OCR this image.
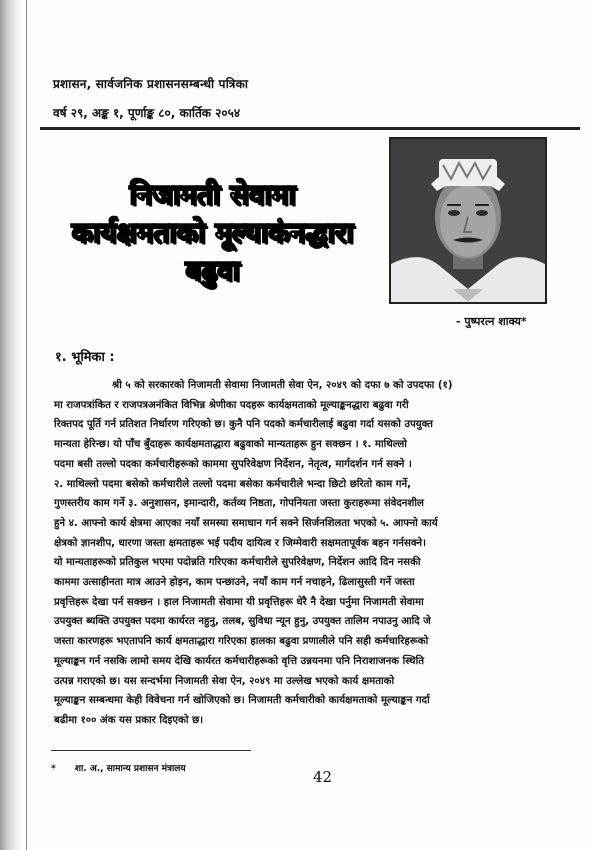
प्रशासन, सार्वजनिक प्रशासनसम्बन्धी पत्रिका
वर्ष २९, अङ्क १, पूर्णाङ्क ८०, कार्तिक २०५४
निजामती सेवामा
कार्यक्षमताको मूल्याकंनद्धारा
बढुवा
- पुष्परत्न शाक्य*
१. भूमिका :
श्री ५ को सरकारको निजामती सेवामा निजामती सेवा ऐन, २०४९ को दफा ७ को उपदफा (१)
मा राजपत्रांकित र राजपत्रअनंकित विभिन्न श्रेणीका पदहरू कार्यक्षमताको मूल्याङ्कनद्धारा बढुवा गरी
रिक्तपद पूर्ति गर्न प्रतिशत निर्धारण गरिएको छ। कुनै पनि पदको कर्मचारीलाई बढुवा गर्दा यसको उपयुक्त
मान्यता हेरिन्छ। यो पाँच बुँदाहरू कार्यक्षमताद्धारा बढुवाको मान्यताहरू हुन सक्छन । १. माथिल्लो
पदमा बसी तल्लो पदका कर्मचारीहरूको काममा सुपरिवेक्षण निर्देशन, नेतृत्व, मार्गदर्शन गर्न सक्ने ।
२. माथिल्लो पदमा बसेको कर्मचारीले तल्लो पदमा बसेका कर्मचारीले भन्दा छिटो छरितो काम गर्ने,
गुणस्तरीय काम गर्ने ३. अनुशासन, इमान्दारी, कर्तव्य निष्ठता, गोपनियता जस्ता कुराहरूमा संवेदनशील
हुने ४. आफ्नो कार्य क्षेत्रमा आएका नयाँ समस्या समाधान गर्न सक्ने सिर्जनशिलता भएको ५. आफ्नो कार्य
क्षेत्रको ज्ञानशीप, धारणा जस्ता क्षमताहरू भई पदीय दायित्व र जिम्मेवारी सक्षमतापूर्वक बहन गर्नसक्ने।
यो मान्यताहरूको प्रतिकुल भएमा पदोन्नति गरिएका कर्मचारीले सुपरिवेक्षण, निर्देशन आदि दिन नसकी
काममा उत्साहीनता मात्र आउने होइन, काम पन्छाउने, नयाँ काम गर्न नचाहने, ढिलासुस्ती गर्ने जस्ता
प्रवृत्तिहरू देखा पर्न सक्छन । हाल निजामती सेवामा यी प्रवृत्तिहरू धेरै नै देखा पर्नुमा निजामती सेवामा
उपयुक्त ब्यक्ति उपयुक्त पदमा कार्यरत नहुनु, तलब, सुविधा न्यून हुनु, उपयुक्त तालिम नपाउनु आदि जे
जस्ता कारणहरू भएतापनि कार्य क्षमताद्धारा गरिएका हालका बढुवा प्रणालीले पनि सही कर्मचारिहरूको
मूल्याङ्कन गर्न नसकि लामो समय देखि कार्यरत कर्मचारीहरूको वृत्ति उन्नयनमा पनि निराशाजनक स्थिति
उत्पन्न गराएको छ। यस सन्दर्भमा निजामती सेवा ऐन, २०४९ मा उल्लेख भएको कार्य क्षमताको
मूल्याङ्कन सम्बन्धमा केही विवेचना गर्न खोजिएको छ। निजामती कर्मचारीको कार्यक्षमताको मूल्याङ्कन गर्दा
बढीमा १०० अंक यस प्रकार दिइएको छ।
* शा. अ., सामान्य प्रशासन मंत्रालय	42
